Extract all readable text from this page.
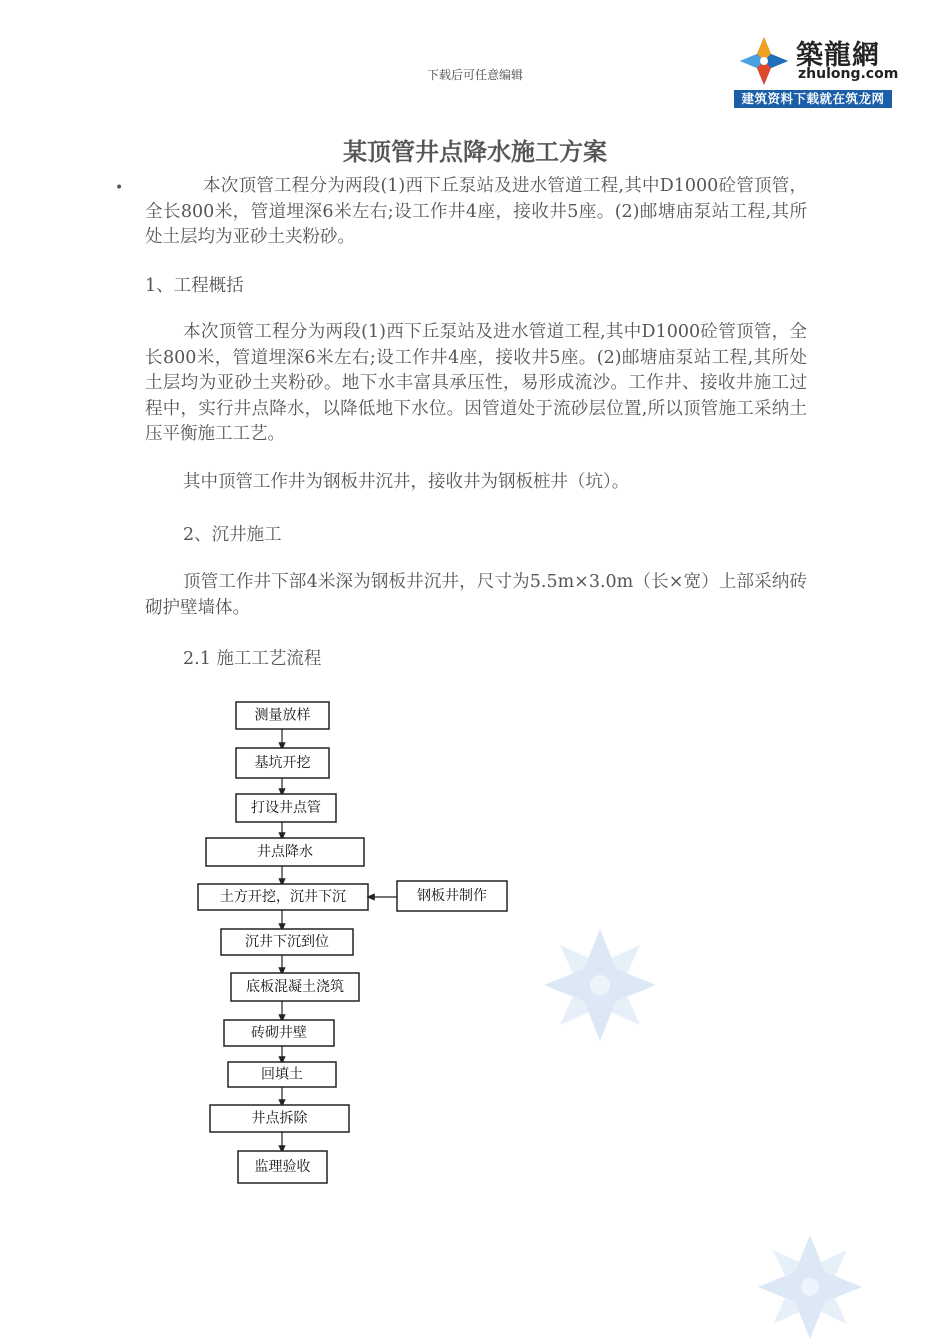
下载后可任意编辑
築龍網
zhulong.com
建筑资料下载就在筑龙网
某顶管井点降水施工方案
•	本次顶管工程分为两段(1)西下丘泵站及进水管道工程,其中D1000砼管顶管，全长800米，管道埋深6米左右;设工作井4座，接收井5座。(2)邮塘庙泵站工程,其所处土层均为亚砂土夹粉砂。

1、工程概括

本次顶管工程分为两段(1)西下丘泵站及进水管道工程,其中D1000砼管顶管，全长800米，管道埋深6米左右;设工作井4座，接收井5座。(2)邮塘庙泵站工程,其所处土层均为亚砂土夹粉砂。地下水丰富具承压性，易形成流沙。工作井、接收井施工过程中，实行井点降水，以降低地下水位。因管道处于流砂层位置,所以顶管施工采纳土压平衡施工工艺。

其中顶管工作井为钢板井沉井，接收井为钢板桩井（坑）。

2、沉井施工

顶管工作井下部4米深为钢板井沉井，尺寸为5.5m×3.0m（长×宽）上部采纳砖砌护壁墙体。

2.1 施工工艺流程
测量放样
基坑开挖
打设井点管
井点降水
土方开挖，沉井下沉
沉井下沉到位
底板混凝土浇筑
砖砌井壁
回填土
井点拆除
监理验收
钢板井制作
